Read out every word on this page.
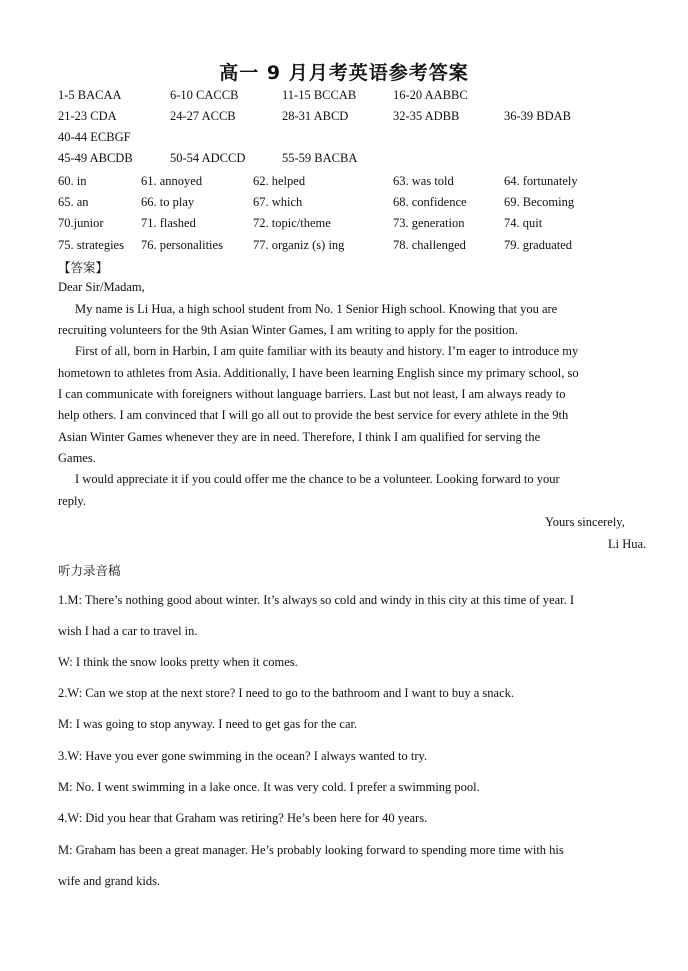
高一 9 月月考英语参考答案
1-5 BACAA	6-10 CACCB	11-15 BCCAB	16-20 AABBC
21-23 CDA	24-27 ACCB	28-31 ABCD	32-35 ADBB	36-39 BDAB
40-44 ECBGF
45-49 ABCDB	50-54 ADCCD	55-59 BACBA
60. in	61. annoyed	62. helped	63. was told	64. fortunately
65. an	66. to play	67. which	68. confidence	69. Becoming
70.junior	71. flashed	72. topic/theme	73. generation	74. quit
75. strategies 76. personalities 77. organiz (s) ing	78. challenged	79. graduated
【答案】
Dear Sir/Madam,
My name is Li Hua, a high school student from No. 1 Senior High school. Knowing that you are
recruiting volunteers for the 9th Asian Winter Games, I am writing to apply for the position.
First of all, born in Harbin, I am quite familiar with its beauty and history. I’m eager to introduce my
hometown to athletes from Asia. Additionally, I have been learning English since my primary school, so
I can communicate with foreigners without language barriers. Last but not least, I am always ready to
help others. I am convinced that I will go all out to provide the best service for every athlete in the 9th
Asian Winter Games whenever they are in need. Therefore, I think I am qualified for serving the
Games.
I would appreciate it if you could offer me the chance to be a volunteer. Looking forward to your
reply.
Yours sincerely,
Li Hua.
听力录音稿
1.M: There’s nothing good about winter. It’s always so cold and windy in this city at this time of year. I
wish I had a car to travel in.
W: I think the snow looks pretty when it comes.
2.W: Can we stop at the next store? I need to go to the bathroom and I want to buy a snack.
M: I was going to stop anyway. I need to get gas for the car.
3.W: Have you ever gone swimming in the ocean? I always wanted to try.
M: No. I went swimming in a lake once. It was very cold. I prefer a swimming pool.
4.W: Did you hear that Graham was retiring? He’s been here for 40 years.
M: Graham has been a great manager. He’s probably looking forward to spending more time with his
wife and grand kids.
